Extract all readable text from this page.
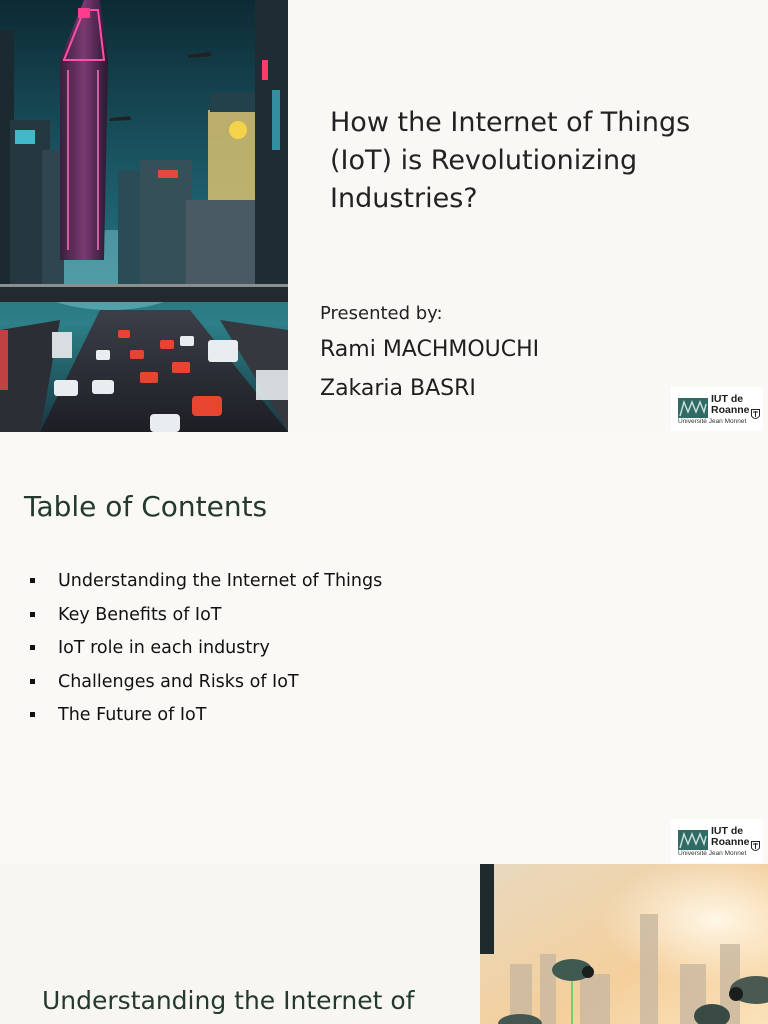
How the Internet of Things (IoT) is Revolutionizing Industries?
Presented by:
Rami MACHMOUCHI
Zakaria BASRI	IUT de
Roanne
Université Jean Monnet
Table of Contents
Understanding the Internet of Things
Key Benefits of IoT
IoT role in each industry
Challenges and Risks of IoT
The Future of IoT
IUT de
Roanne
Université Jean Monnet
Understanding the Internet of
